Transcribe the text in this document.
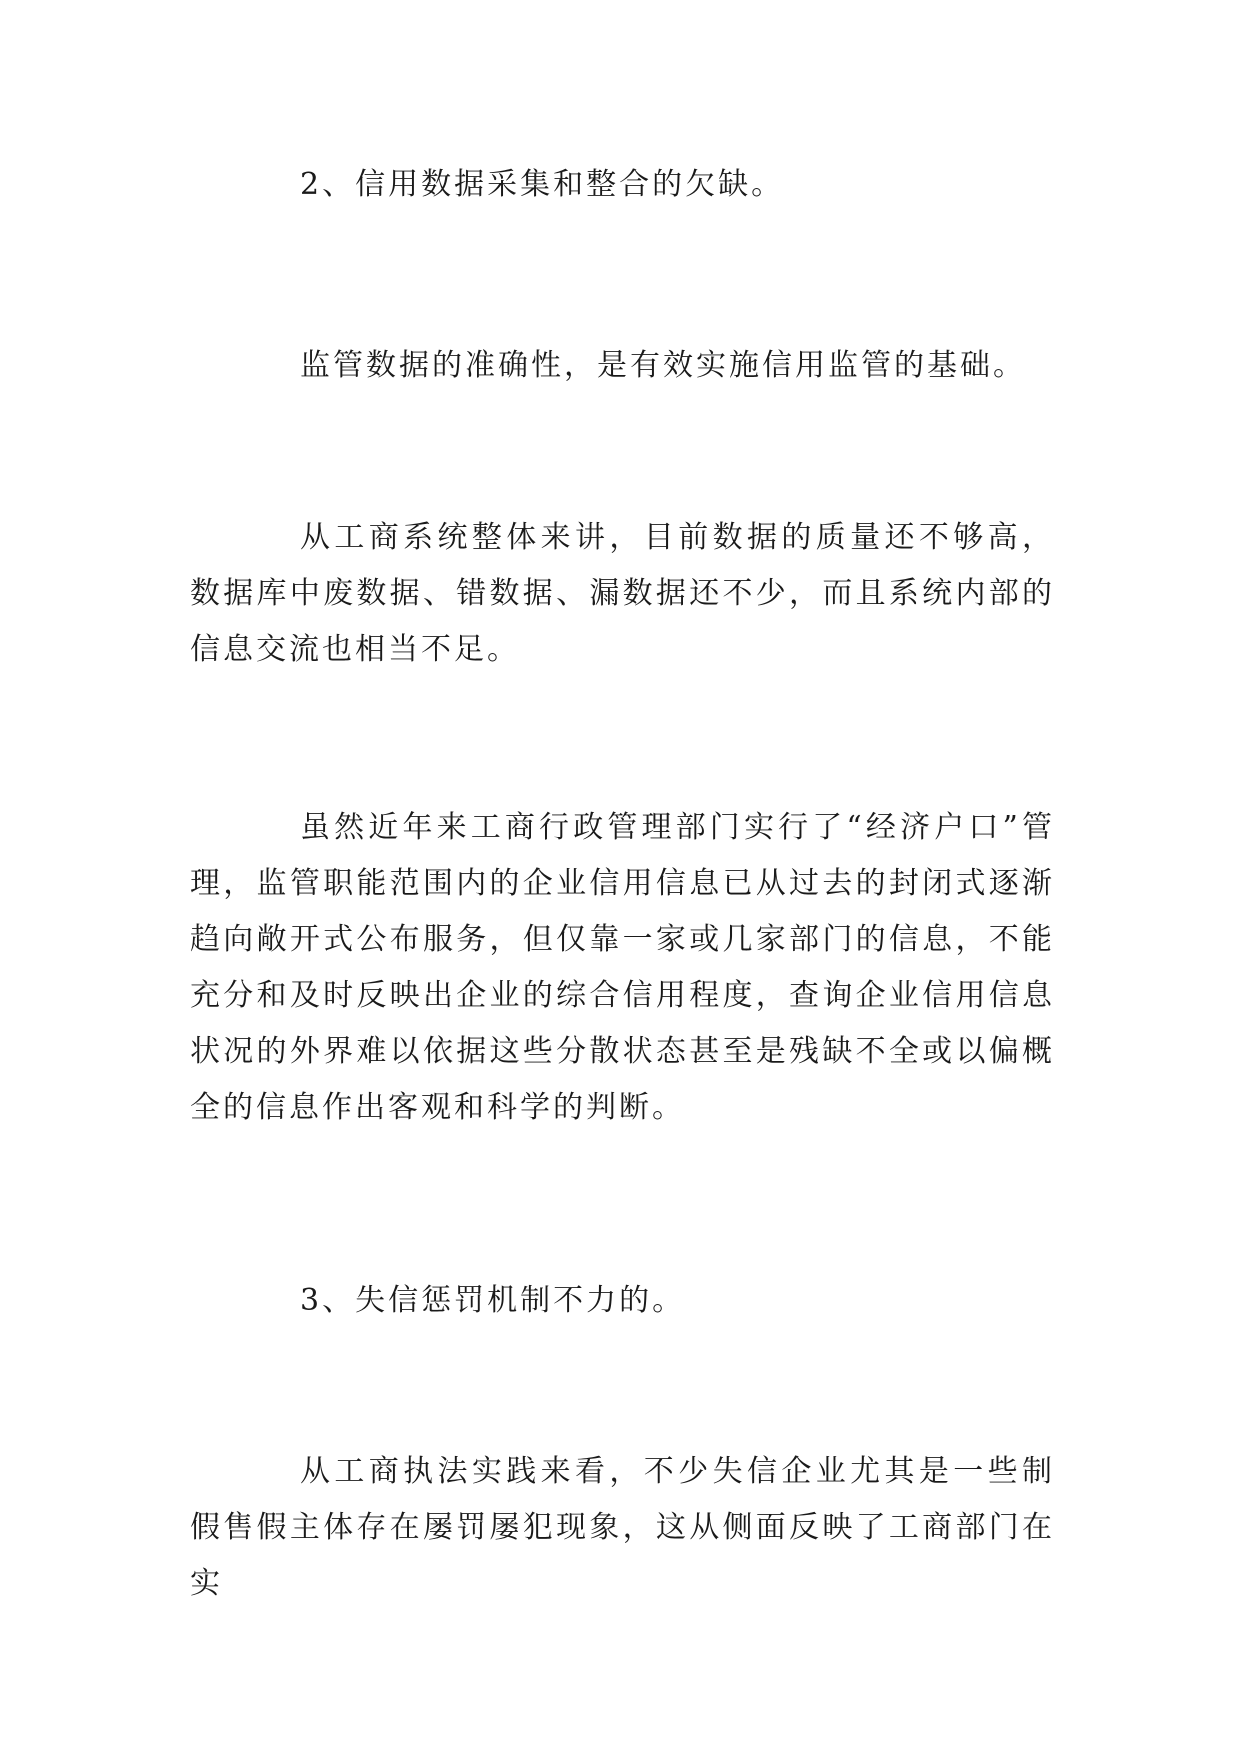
2、信用数据采集和整合的欠缺。

监管数据的准确性，是有效实施信用监管的基础。

从工商系统整体来讲，目前数据的质量还不够高，数据库中废数据、错数据、漏数据还不少，而且系统内部的信息交流也相当不足。

虽然近年来工商行政管理部门实行了“经济户口”管理，监管职能范围内的企业信用信息已从过去的封闭式逐渐趋向敞开式公布服务，但仅靠一家或几家部门的信息，不能充分和及时反映出企业的综合信用程度，查询企业信用信息状况的外界难以依据这些分散状态甚至是残缺不全或以偏概全的信息作出客观和科学的判断。

3、失信惩罚机制不力的。

从工商执法实践来看，不少失信企业尤其是一些制假售假主体存在屡罚屡犯现象，这从侧面反映了工商部门在实
